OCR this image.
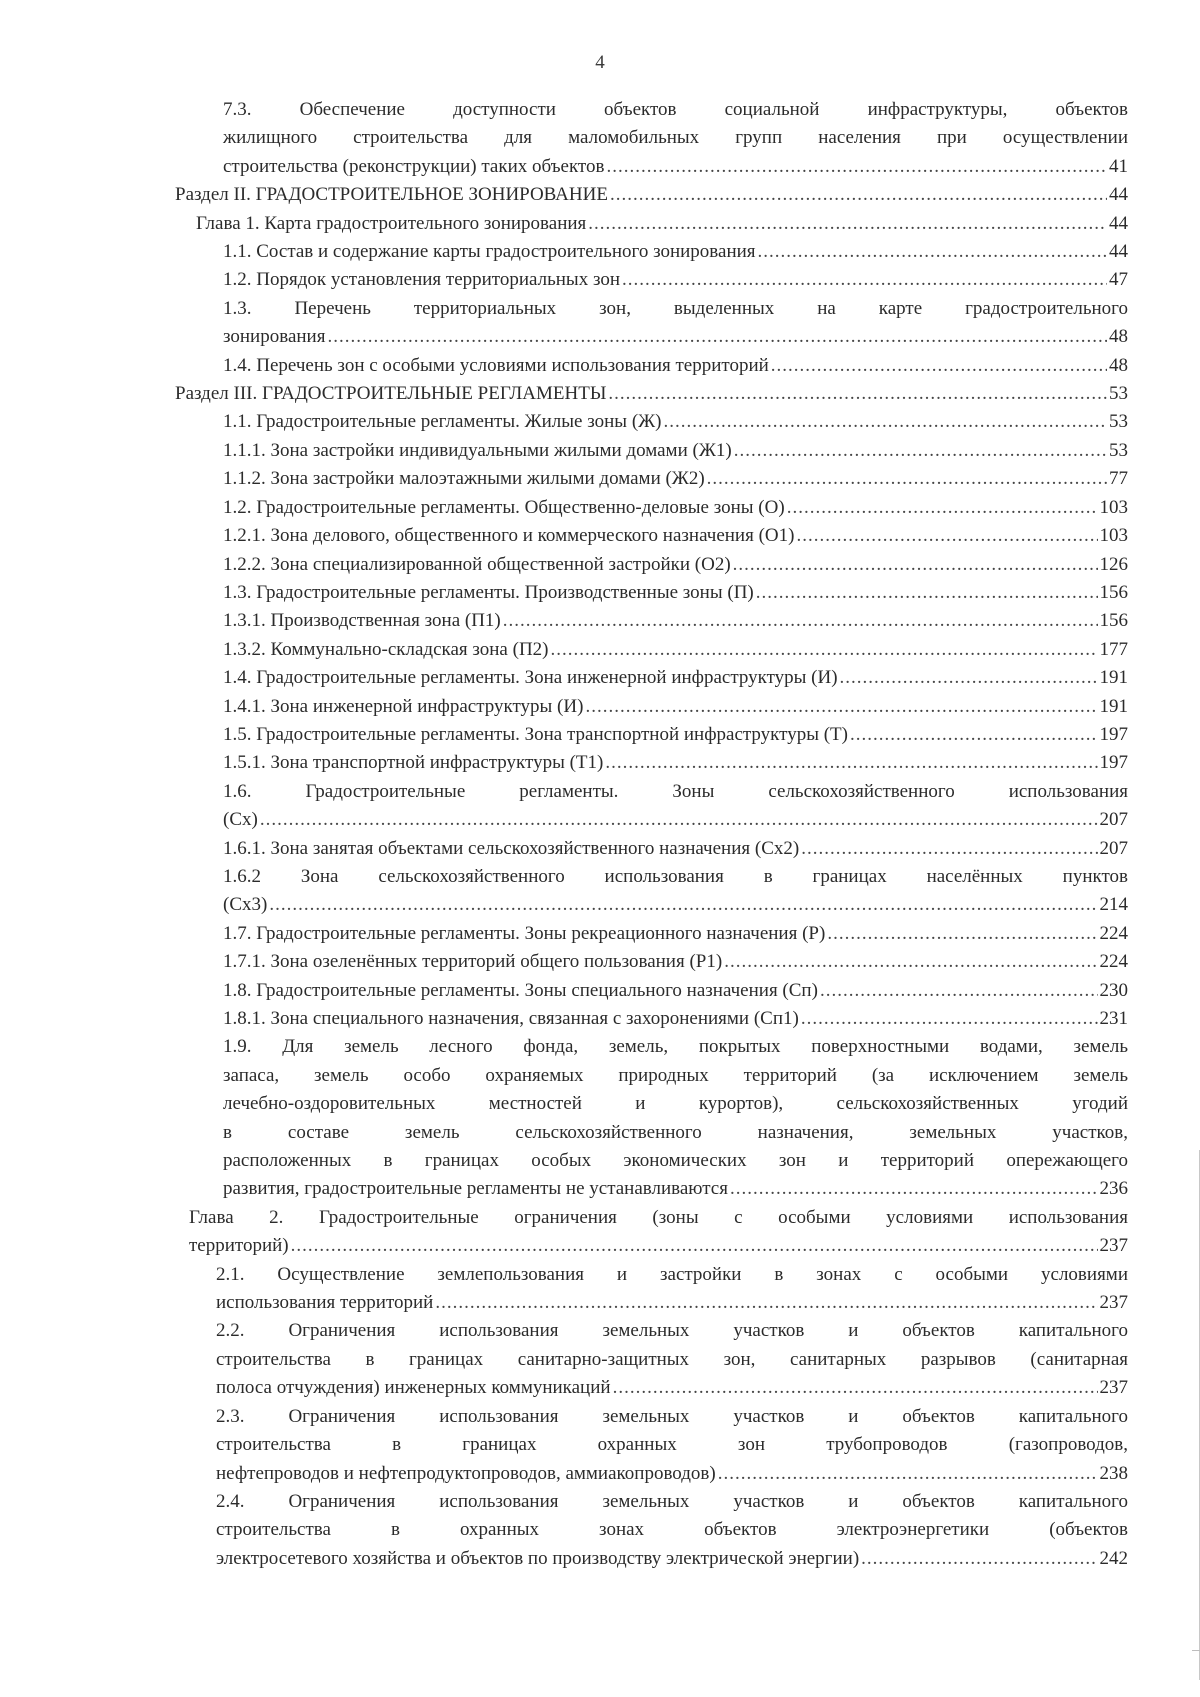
4
7.3. Обеспечение доступности объектов социальной инфраструктуры, объектов
жилищного строительства для маломобильных групп населения при осуществлении
строительства (реконструкции) таких объектов .....	41
Раздел II. ГРАДОСТРОИТЕЛЬНОЕ ЗОНИРОВАНИЕ .....	44
Глава 1. Карта градостроительного зонирования .....	44
1.1. Состав и содержание карты градостроительного зонирования .....	44
1.2. Порядок установления территориальных зон .....	47
1.3. Перечень территориальных зон, выделенных на карте градостроительного
зонирования .....	48
1.4. Перечень зон с особыми условиями использования территорий .....	48
Раздел III. ГРАДОСТРОИТЕЛЬНЫЕ РЕГЛАМЕНТЫ .....	53
1.1. Градостроительные регламенты. Жилые зоны (Ж) .....	53
1.1.1. Зона застройки индивидуальными жилыми домами (Ж1) .....	53
1.1.2. Зона застройки малоэтажными жилыми домами (Ж2) .....	77
1.2. Градостроительные регламенты. Общественно-деловые зоны (О) .....	103
1.2.1. Зона делового, общественного и коммерческого назначения (О1) .....	103
1.2.2. Зона специализированной общественной застройки (О2) .....	126
1.3. Градостроительные регламенты. Производственные зоны (П) .....	156
1.3.1. Производственная зона (П1) .....	156
1.3.2. Коммунально-складская зона (П2) .....	177
1.4. Градостроительные регламенты. Зона инженерной инфраструктуры (И) .....	191
1.4.1. Зона инженерной инфраструктуры (И) .....	191
1.5. Градостроительные регламенты. Зона транспортной инфраструктуры (Т) .....	197
1.5.1. Зона транспортной инфраструктуры (Т1) .....	197
1.6. Градостроительные регламенты. Зоны сельскохозяйственного использования
(Сх) .....	207
1.6.1. Зона занятая объектами сельскохозяйственного назначения (Сх2) .....	207
1.6.2 Зона сельскохозяйственного использования в границах населённых пунктов
(Сх3) .....	214
1.7. Градостроительные регламенты. Зоны рекреационного назначения (Р) .....	224
1.7.1. Зона озеленённых территорий общего пользования (Р1) .....	224
1.8. Градостроительные регламенты. Зоны специального назначения (Сп) .....	230
1.8.1. Зона специального назначения, связанная с захоронениями (Сп1) .....	231
1.9. Для земель лесного фонда, земель, покрытых поверхностными водами, земель
запаса, земель особо охраняемых природных территорий (за исключением земель
лечебно-оздоровительных местностей и курортов), сельскохозяйственных угодий
в составе земель сельскохозяйственного назначения, земельных участков,
расположенных в границах особых экономических зон и территорий опережающего
развития, градостроительные регламенты не устанавливаются .....	236
Глава 2. Градостроительные ограничения (зоны с особыми условиями использования
территорий) .....	237
2.1. Осуществление землепользования и застройки в зонах с особыми условиями
использования территорий .....	237
2.2. Ограничения использования земельных участков и объектов капитального
строительства в границах санитарно-защитных зон, санитарных разрывов (санитарная
полоса отчуждения) инженерных коммуникаций .....	237
2.3. Ограничения использования земельных участков и объектов капитального
строительства в границах охранных зон трубопроводов (газопроводов,
нефтепроводов и нефтепродуктопроводов, аммиакопроводов) .....	238
2.4. Ограничения использования земельных участков и объектов капитального
строительства в охранных зонах объектов электроэнергетики (объектов
электросетевого хозяйства и объектов по производству электрической энергии) .....	242
